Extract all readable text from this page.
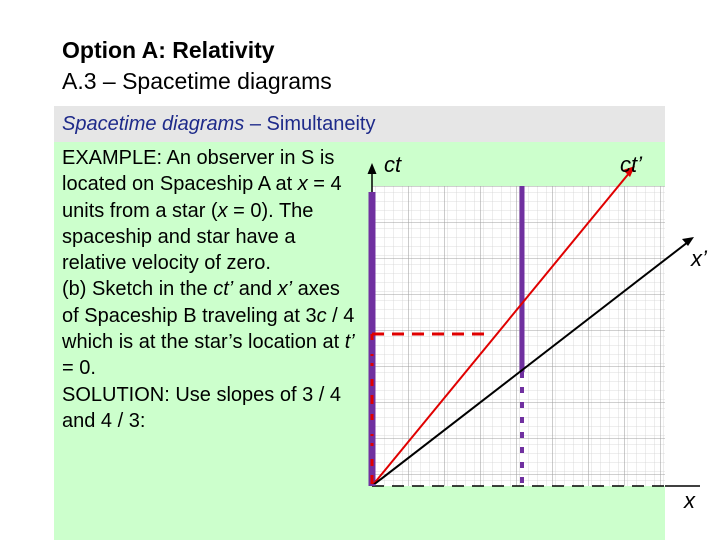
Option A: Relativity
A.3 – Spacetime diagrams
Spacetime diagrams – Simultaneity
EXAMPLE: An observer in S is located on Spaceship A at x = 4 units from a star (x = 0). The spaceship and star have a relative velocity of zero.
(b) Sketch in the ct’ and x’ axes of Spaceship B traveling at 3c / 4 which is at the star’s location at t’ = 0.
SOLUTION: Use slopes of 3 / 4 and 4 / 3:
ct	ct’
x’
x
